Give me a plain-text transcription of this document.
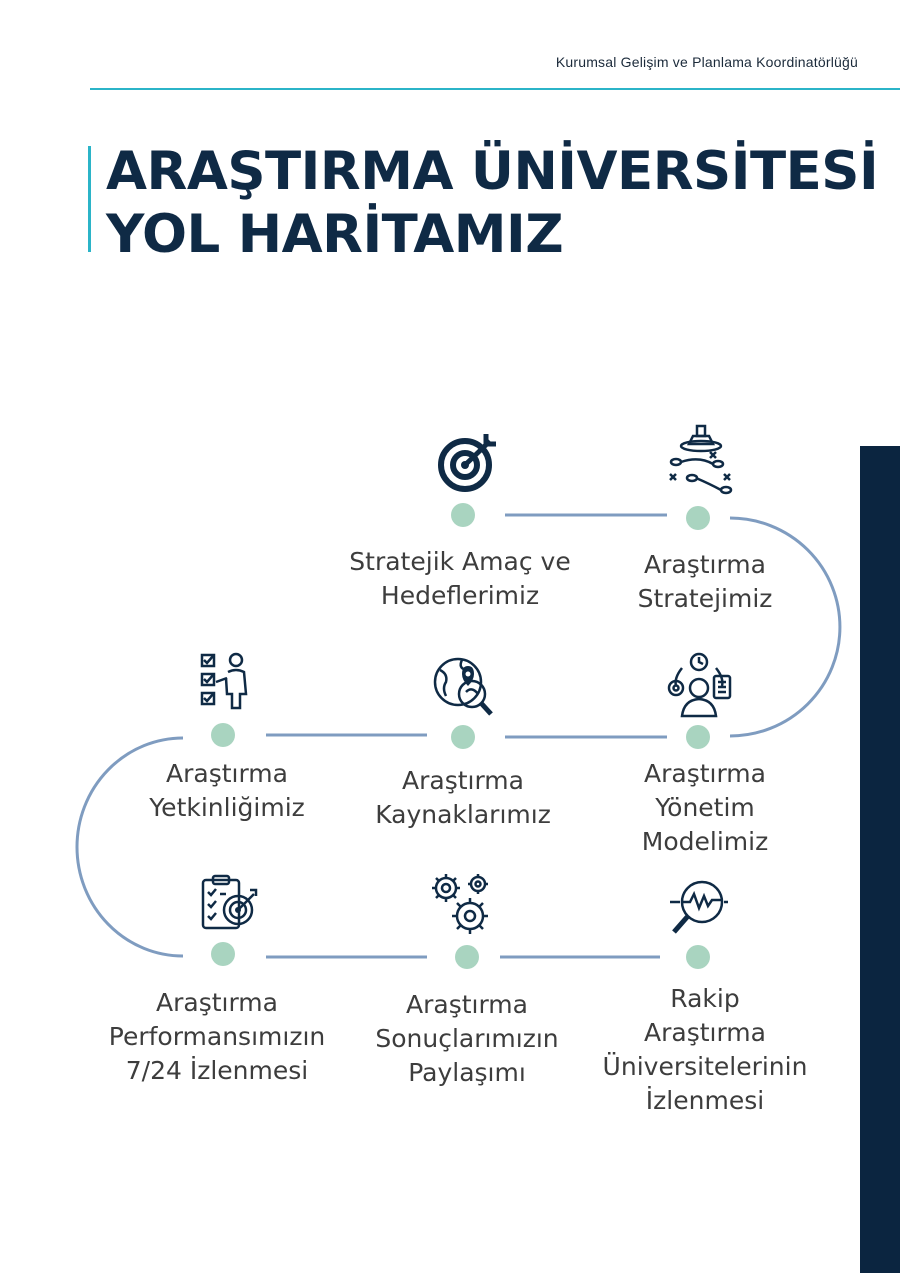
Kurumsal Gelişim ve Planlama Koordinatörlüğü
ARAŞTIRMA ÜNİVERSİTESİ
YOL HARİTAMIZ
Stratejik Amaç ve
Hedeflerimiz
Araştırma
Stratejimiz
Araştırma
Yönetim
Modelimiz
Araştırma
Kaynaklarımız
Araştırma
Yetkinliğimiz
Araştırma
Performansımızın
7/24 İzlenmesi
Araştırma
Sonuçlarımızın
Paylaşımı
Rakip
Araştırma
Üniversitelerinin
İzlenmesi
